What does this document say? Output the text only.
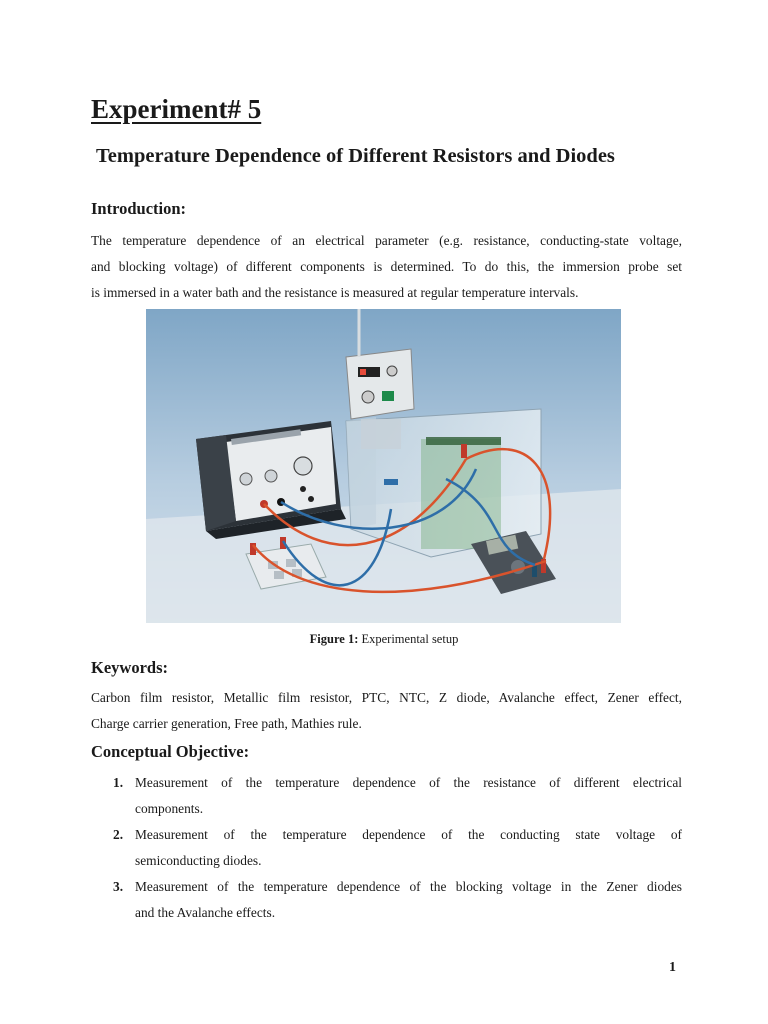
Experiment# 5
Temperature Dependence of Different Resistors and Diodes
Introduction:
The temperature dependence of an electrical parameter (e.g. resistance, conducting-state voltage,
and blocking voltage) of different components is determined. To do this, the immersion probe set
is immersed in a water bath and the resistance is measured at regular temperature intervals.
Figure 1: Experimental setup
Keywords:
Carbon film resistor, Metallic film resistor, PTC, NTC, Z diode, Avalanche effect, Zener effect,
Charge carrier generation, Free path, Mathies rule.
Conceptual Objective:
1. Measurement of the temperature dependence of the resistance of different electrical
components.
2. Measurement of the temperature dependence of the conducting state voltage of
semiconducting diodes.
3. Measurement of the temperature dependence of the blocking voltage in the Zener diodes
and the Avalanche effects.
1
